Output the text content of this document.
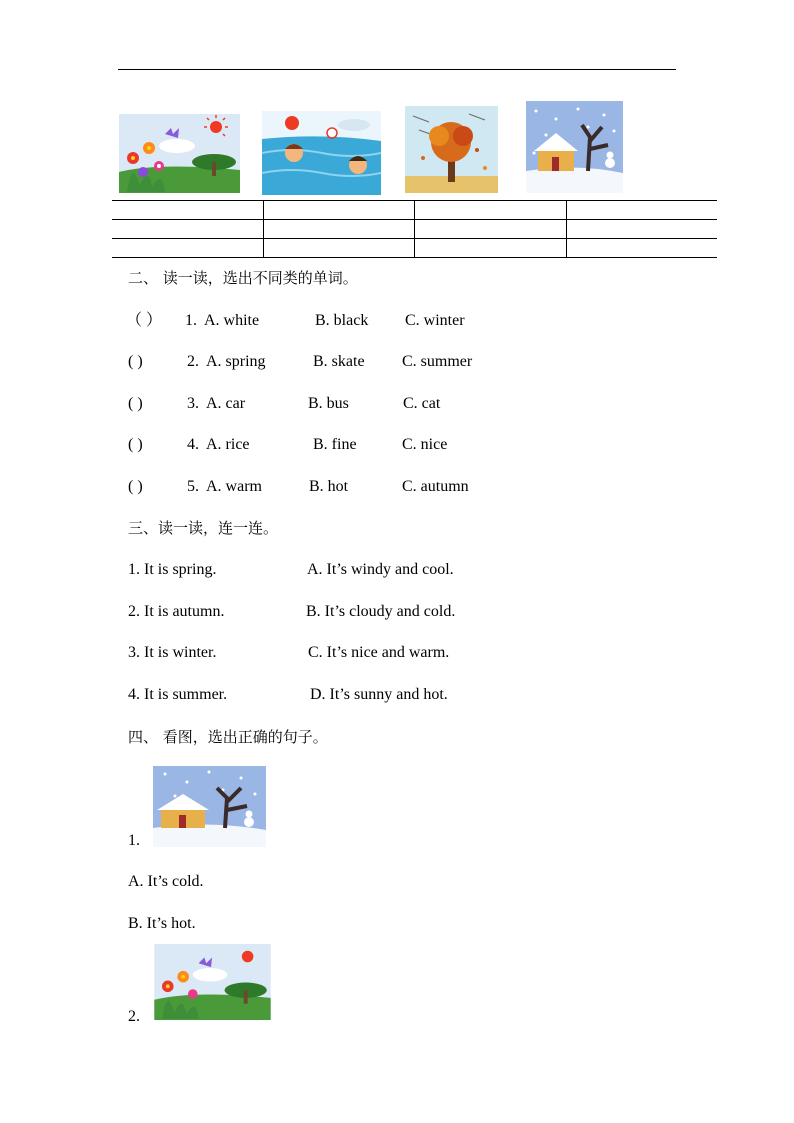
二、 读一读，选出不同类的单词。
（ ） 1. A. white	B. black C. winter
( )	2. A. spring	B. skate C. summer
( )	3. A. car	B. bus	C. cat
( )	4. A. rice	B. fine	C. nice
( )	5. A. warm	B. hot	C. autumn
三、读一读，连一连。
1. It is spring.	A. It’s windy and cool.
2. It is autumn.	B. It’s cloudy and cold.
3. It is winter.	C. It’s nice and warm.
4. It is summer.	D. It’s sunny and hot.
四、 看图，选出正确的句子。
1.
A. It’s cold.
B. It’s hot.
2.
